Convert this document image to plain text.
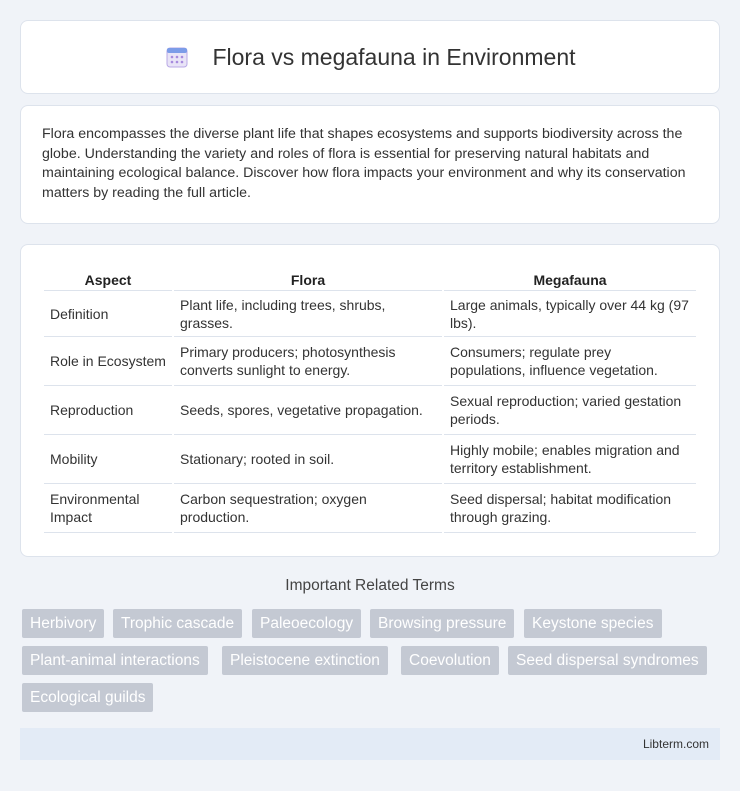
Flora vs megafauna in Environment

Flora encompasses the diverse plant life that shapes ecosystems and supports biodiversity across the globe. Understanding the variety and roles of flora is essential for preserving natural habitats and maintaining ecological balance. Discover how flora impacts your environment and why its conservation matters by reading the full article.

Aspect	Flora	Megafauna
Definition	Plant life, including trees, shrubs, grasses.	Large animals, typically over 44 kg (97 lbs).
Role in Ecosystem	Primary producers; photosynthesis converts sunlight to energy.	Consumers; regulate prey populations, influence vegetation.
Reproduction	Seeds, spores, vegetative propagation.	Sexual reproduction; varied gestation periods.
Mobility	Stationary; rooted in soil.	Highly mobile; enables migration and territory establishment.
Environmental Impact	Carbon sequestration; oxygen production.	Seed dispersal; habitat modification through grazing.
Important Related Terms
Herbivory	Trophic cascade	Paleoecology	Browsing pressure	Keystone species
Plant-animal interactions	Pleistocene extinction	Coevolution	Seed dispersal syndromes
Ecological guilds
Libterm.com
